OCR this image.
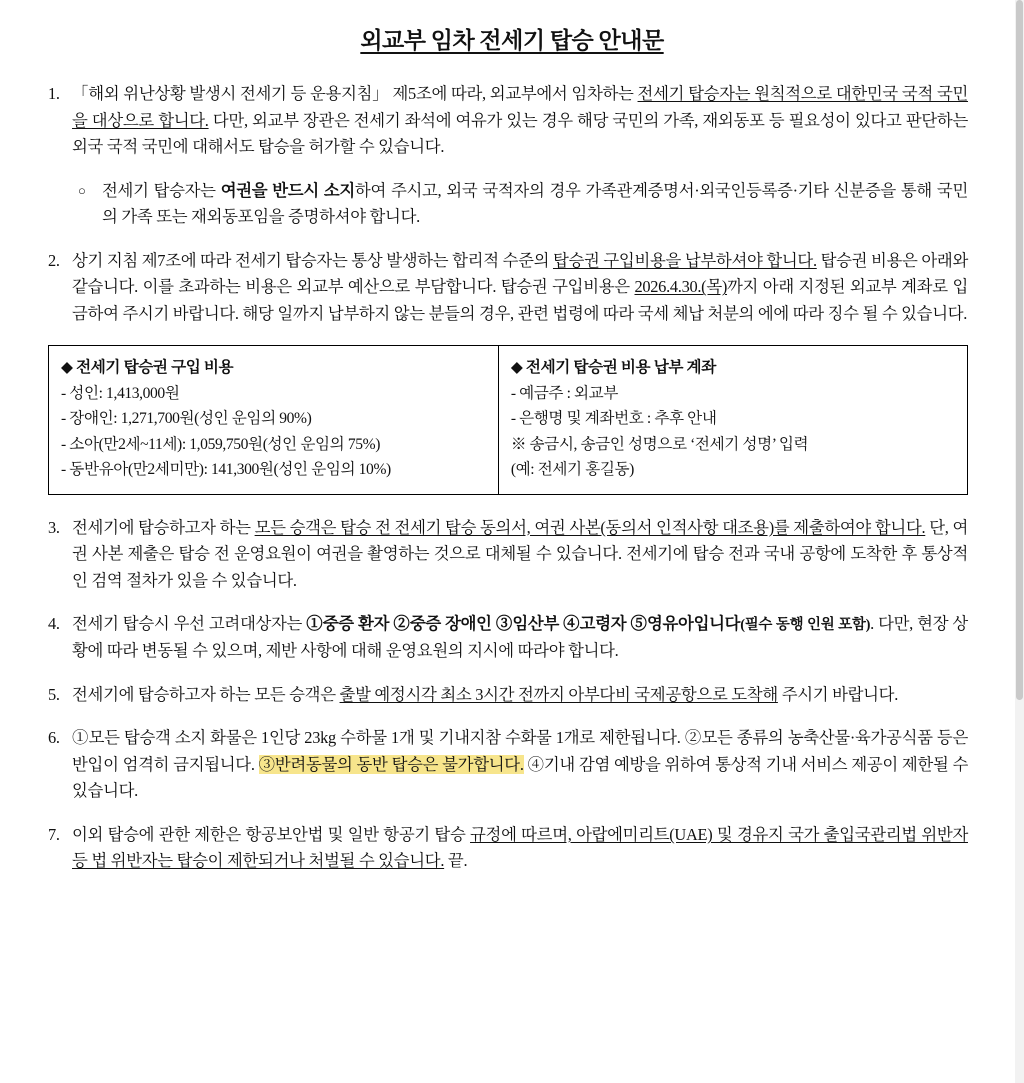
외교부 임차 전세기 탑승 안내문
1. 「해외 위난상황 발생시 전세기 등 운용지침」 제5조에 따라, 외교부에서 임차하는 전세기 탑승자는 원칙적으로 대한민국 국적 국민을 대상으로 합니다. 다만, 외교부 장관은 전세기 좌석에 여유가 있는 경우 해당 국민의 가족, 재외동포 등 필요성이 있다고 판단하는 외국 국적 국민에 대해서도 탑승을 허가할 수 있습니다.
○	전세기 탑승자는 여권을 반드시 소지하여 주시고, 외국 국적자의 경우 가족관계증명서·외국인등록증·기타 신분증을 통해 국민의 가족 또는 재외동포임을 증명하셔야 합니다.
2. 상기 지침 제7조에 따라 전세기 탑승자는 통상 발생하는 합리적 수준의 탑승권 구입비용을 납부하셔야 합니다. 탑승권 비용은 아래와 같습니다. 이를 초과하는 비용은 외교부 예산으로 부담합니다. 탑승권 구입비용은 2026.4.30.(목)까지 아래 지정된 외교부 계좌로 입금하여 주시기 바랍니다. 해당 일까지 납부하지 않는 분들의 경우, 관련 법령에 따라 국세 체납 처분의 에에 따라 징수 될 수 있습니다.
◆ 전세기 탑승권 구입 비용
- 성인: 1,413,000원
- 장애인: 1,271,700원(성인 운임의 90%)
- 소아(만2세~11세): 1,059,750원(성인 운임의 75%)
- 동반유아(만2세미만): 141,300원(성인 운임의 10%)
◆ 전세기 탑승권 비용 납부 계좌
- 예금주 : 외교부
- 은행명 및 계좌번호 : 추후 안내
※ 송금시, 송금인 성명으로 ‘전세기 성명’ 입력
(예: 전세기 홍길동)
3. 전세기에 탑승하고자 하는 모든 승객은 탑승 전 전세기 탑승 동의서, 여권 사본(동의서 인적사항 대조용)를 제출하여야 합니다. 단, 여권 사본 제출은 탑승 전 운영요원이 여권을 촬영하는 것으로 대체될 수 있습니다. 전세기에 탑승 전과 국내 공항에 도착한 후 통상적인 검역 절차가 있을 수 있습니다.
4. 전세기 탑승시 우선 고려대상자는 ①중증 환자 ②중증 장애인 ③임산부 ④고령자 ⑤영유아입니다(필수 동행 인원 포함). 다만, 현장 상황에 따라 변동될 수 있으며, 제반 사항에 대해 운영요원의 지시에 따라야 합니다.
5. 전세기에 탑승하고자 하는 모든 승객은 출발 예정시각 최소 3시간 전까지 아부다비 국제공항으로 도착해 주시기 바랍니다.
6. ①모든 탑승객 소지 화물은 1인당 23kg 수하물 1개 및 기내지참 수화물 1개로 제한됩니다. ②모든 종류의 농축산물·육가공식품 등은 반입이 엄격히 금지됩니다. ③반려동물의 동반 탑승은 불가합니다. ④기내 감염 예방을 위하여 통상적 기내 서비스 제공이 제한될 수 있습니다.
7. 이외 탑승에 관한 제한은 항공보안법 및 일반 항공기 탑승 규정에 따르며, 아랍에미리트(UAE) 및 경유지 국가 출입국관리법 위반자 등 법 위반자는 탑승이 제한되거나 처벌될 수 있습니다. 끝.
